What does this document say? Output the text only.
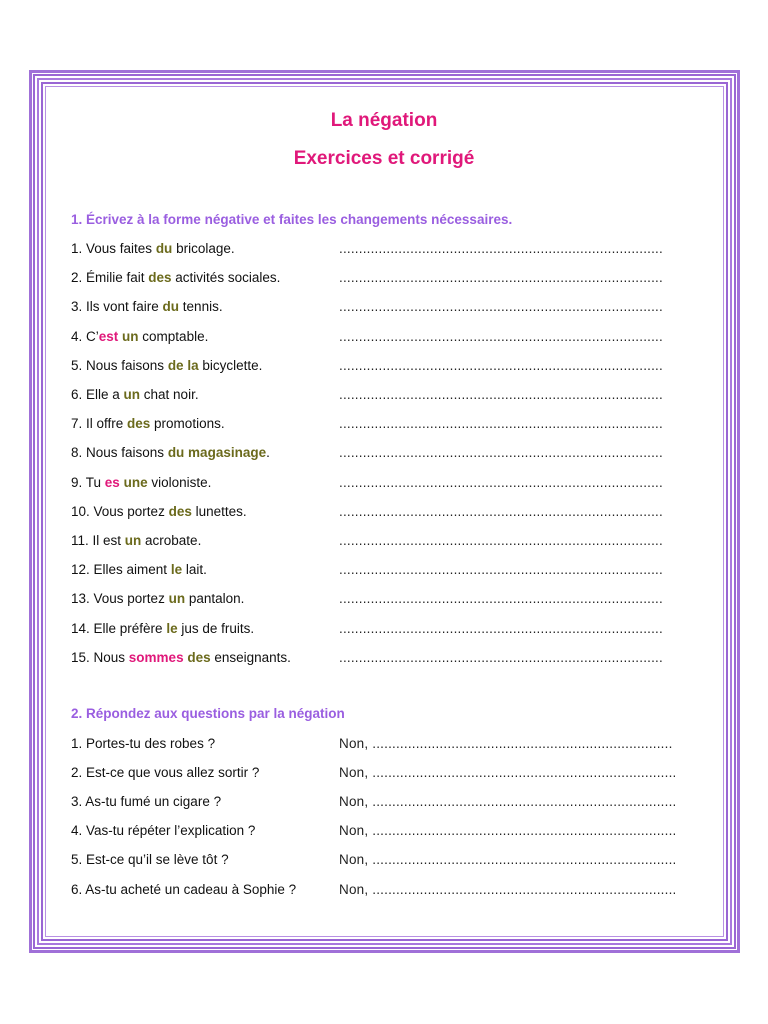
La négation
Exercices et corrigé
1. Écrivez à la forme négative et faites les changements nécessaires.
1. Vous faites du bricolage.	..................................................................................
2. Émilie fait des activités sociales.	..................................................................................
3. Ils vont faire du tennis.	..................................................................................
4. C’est un comptable.	..................................................................................
5. Nous faisons de la bicyclette.	..................................................................................
6. Elle a un chat noir.	..................................................................................
7. Il offre des promotions.	..................................................................................
8. Nous faisons du magasinage.	..................................................................................
9. Tu es une violoniste.	..................................................................................
10. Vous portez des lunettes.	..................................................................................
11. Il est un acrobate.	..................................................................................
12. Elles aiment le lait.	..................................................................................
13. Vous portez un pantalon.	..................................................................................
14. Elle préfère le jus de fruits.	..................................................................................
15. Nous sommes des enseignants.	..................................................................................
2. Répondez aux questions par la négation
1. Portes-tu des robes ?	Non, ............................................................................
2. Est-ce que vous allez sortir ?	Non, .............................................................................
3. As-tu fumé un cigare ?	Non, .............................................................................
4. Vas-tu répéter l’explication ?	Non, .............................................................................
5. Est-ce qu’il se lève tôt ?	Non, .............................................................................
6. As-tu acheté un cadeau à Sophie ?	Non, .............................................................................
